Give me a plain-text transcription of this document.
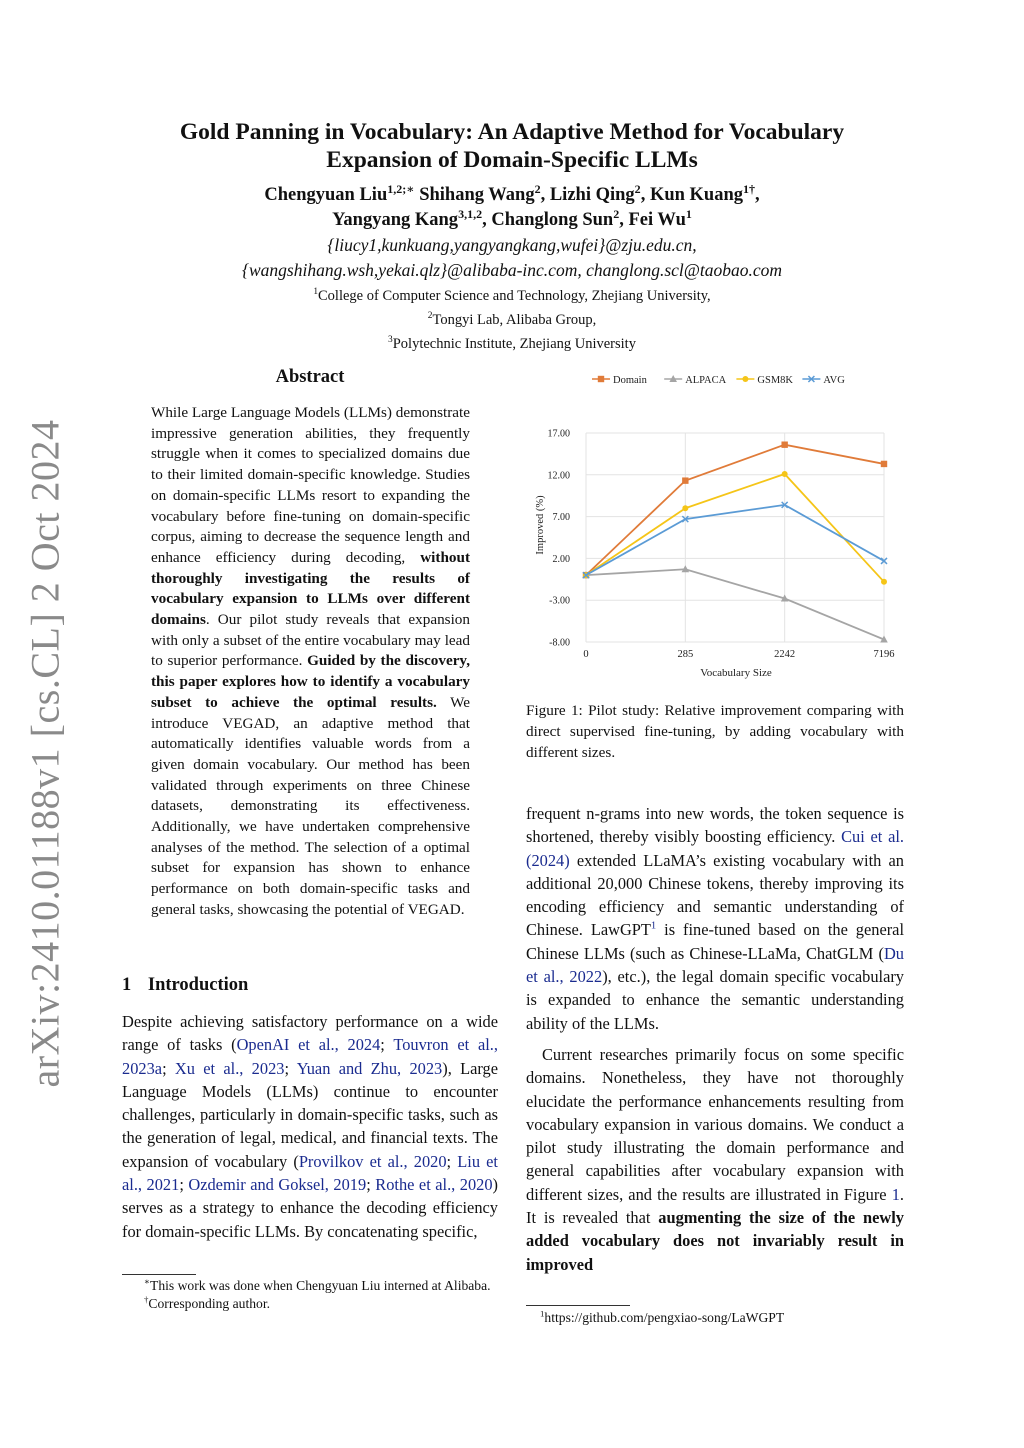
arXiv:2410.01188v1 [cs.CL] 2 Oct 2024
Gold Panning in Vocabulary: An Adaptive Method for Vocabulary
Expansion of Domain-Specific LLMs
Chengyuan Liu$^{1,2;∗}$ Shihang Wang$^2$, Lizhi Qing$^2$, Kun Kuang$^{1\dagger}$,
Yangyang Kang$^{3,1,2}$, Changlong Sun$^2$, Fei Wu$^1$
{liucy1,kunkuang,yangyangkang,wufei}@zju.edu.cn,
{wangshihang.wsh,yekai.qlz}@alibaba-inc.com, changlong.scl@taobao.com
$^1$College of Computer Science and Technology, Zhejiang University,
$^2$Tongyi Lab, Alibaba Group,
$^3$Polytechnic Institute, Zhejiang University
Abstract
While Large Language Models (LLMs) demonstrate impressive generation abilities, they frequently struggle when it comes to specialized domains due to their limited domain-specific knowledge. Studies on domain-specific LLMs resort to expanding the vocabulary before fine-tuning on domain-specific corpus, aiming to decrease the sequence length and enhance efficiency during decoding, without thoroughly investigating the results of vocabulary expansion to LLMs over different domains. Our pilot study reveals that expansion with only a subset of the entire vocabulary may lead to superior performance. Guided by the discovery, this paper explores how to identify a vocabulary subset to achieve the optimal results. We introduce VEGAD, an adaptive method that automatically identifies valuable words from a given domain vocabulary. Our method has been validated through experiments on three Chinese datasets, demonstrating its effectiveness. Additionally, we have undertaken comprehensive analyses of the method. The selection of a optimal subset for expansion has shown to enhance performance on both domain-specific tasks and general tasks, showcasing the potential of VEGAD.
1 Introduction
Despite achieving satisfactory performance on a wide range of tasks (OpenAI et al., 2024; Touvron et al., 2023a; Xu et al., 2023; Yuan and Zhu, 2023), Large Language Models (LLMs) continue to encounter challenges, particularly in domain-specific tasks, such as the generation of legal, medical, and financial texts. The expansion of vocabulary (Provilkov et al., 2020; Liu et al., 2021; Ozdemir and Goksel, 2019; Rothe et al., 2020) serves as a strategy to enhance the decoding efficiency for domain-specific LLMs. By concatenating specific,
∗This work was done when Chengyuan Liu interned at Alibaba.
†Corresponding author.
Domain	ALPACA	GSM8K	AVG
17.00
12.00
7.00
2.00
-3.00
-8.00
0	285	2242	7196
Improved (%)
Vocabulary Size
Figure 1: Pilot study: Relative improvement comparing with direct supervised fine-tuning, by adding vocabulary with different sizes.

frequent n-grams into new words, the token sequence is shortened, thereby visibly boosting efficiency. Cui et al. (2024) extended LLaMA’s existing vocabulary with an additional 20,000 Chinese tokens, thereby improving its encoding efficiency and semantic understanding of Chinese. LawGPT$^1$ is fine-tuned based on the general Chinese LLMs (such as Chinese-LLaMa, ChatGLM (Du et al., 2022), etc.), the legal domain specific vocabulary is expanded to enhance the semantic understanding ability of the LLMs.

Current researches primarily focus on some specific domains. Nonetheless, they have not thoroughly elucidate the performance enhancements resulting from vocabulary expansion in various domains. We conduct a pilot study illustrating the domain performance and general capabilities after vocabulary expansion with different sizes, and the results are illustrated in Figure 1. It is revealed that augmenting the size of the newly added vocabulary does not invariably result in improved

$^1$https://github.com/pengxiao-song/LaWGPT
